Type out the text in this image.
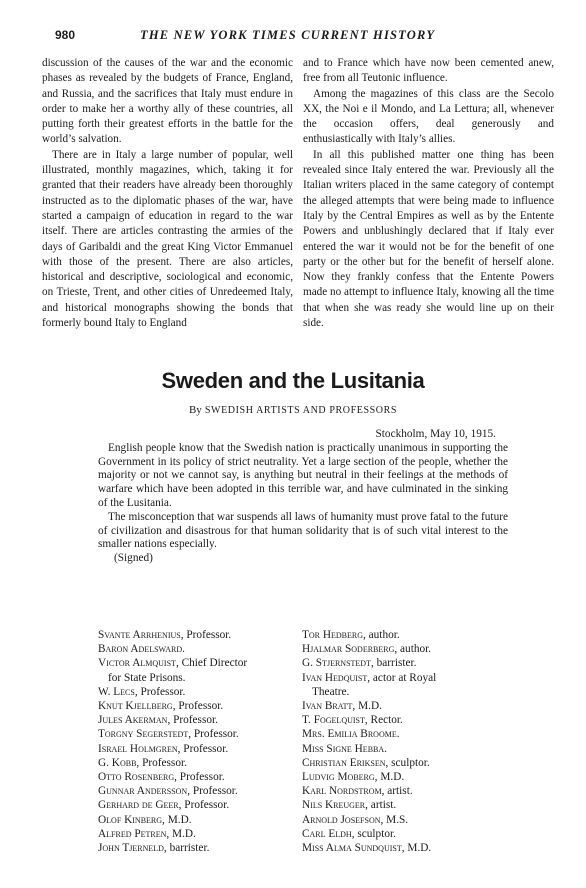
980	THE NEW YORK TIMES CURRENT HISTORY

discussion of the causes of the war and the economic phases as revealed by the budgets of France, England, and Russia, and the sacrifices that Italy must endure in order to make her a worthy ally of these countries, all putting forth their greatest efforts in the battle for the world’s salvation.

There are in Italy a large number of popular, well illustrated, monthly magazines, which, taking it for granted that their readers have already been thoroughly instructed as to the diplomatic phases of the war, have started a campaign of education in regard to the war itself. There are articles contrasting the armies of the days of Garibaldi and the great King Victor Emmanuel with those of the present. There are also articles, historical and descriptive, sociological and economic, on Trieste, Trent, and other cities of Unredeemed Italy, and historical monographs showing the bonds that formerly bound Italy to England

and to France which have now been cemented anew, free from all Teutonic influence.

Among the magazines of this class are the Secolo XX, the Noi e il Mondo, and La Lettura; all, whenever the occasion offers, deal generously and enthusiastically with Italy’s allies.

In all this published matter one thing has been revealed since Italy entered the war. Previously all the Italian writers placed in the same category of contempt the alleged attempts that were being made to influence Italy by the Central Empires as well as by the Entente Powers and unblushingly declared that if Italy ever entered the war it would not be for the benefit of one party or the other but for the benefit of herself alone. Now they frankly confess that the Entente Powers made no attempt to influence Italy, knowing all the time that when she was ready she would line up on their side.

Sweden and the Lusitania
By SWEDISH ARTISTS AND PROFESSORS
Stockholm, May 10, 1915.

English people know that the Swedish nation is practically unanimous in supporting the Government in its policy of strict neutrality. Yet a large section of the people, whether the majority or not we cannot say, is anything but neutral in their feelings at the methods of warfare which have been adopted in this terrible war, and have culminated in the sinking of the Lusitania.

The misconception that war suspends all laws of humanity must prove fatal to the future of civilization and disastrous for that human solidarity that is of such vital interest to the smaller nations especially.

(Signed)
Svante Arrhenius, Professor.
Baron Adelsward.
Victor Almquist, Chief Director
for State Prisons.
W. Lecs, Professor.
Knut Kjellberg, Professor.
Jules Akerman, Professor.
Torgny Segerstedt, Professor.
Israel Holmgren, Professor.
G. Kobb, Professor.
Otto Rosenberg, Professor.
Gunnar Andersson, Professor.
Gerhard de Geer, Professor.
Olof Kinberg, M.D.
Alfred Petren, M.D.
John Tjerneld, barrister.
Tor Hedberg, author.
Hjalmar Soderberg, author.
G. Stjernstedt, barrister.
Ivan Hedquist, actor at Royal
Theatre.
Ivan Bratt, M.D.
T. Fogelquist, Rector.
Mrs. Emilia Broome.
Miss Signe Hebba.
Christian Eriksen, sculptor.
Ludvig Moberg, M.D.
Karl Nordstrom, artist.
Nils Kreuger, artist.
Arnold Josefson, M.S.
Carl Eldh, sculptor.
Miss Alma Sundquist, M.D.
